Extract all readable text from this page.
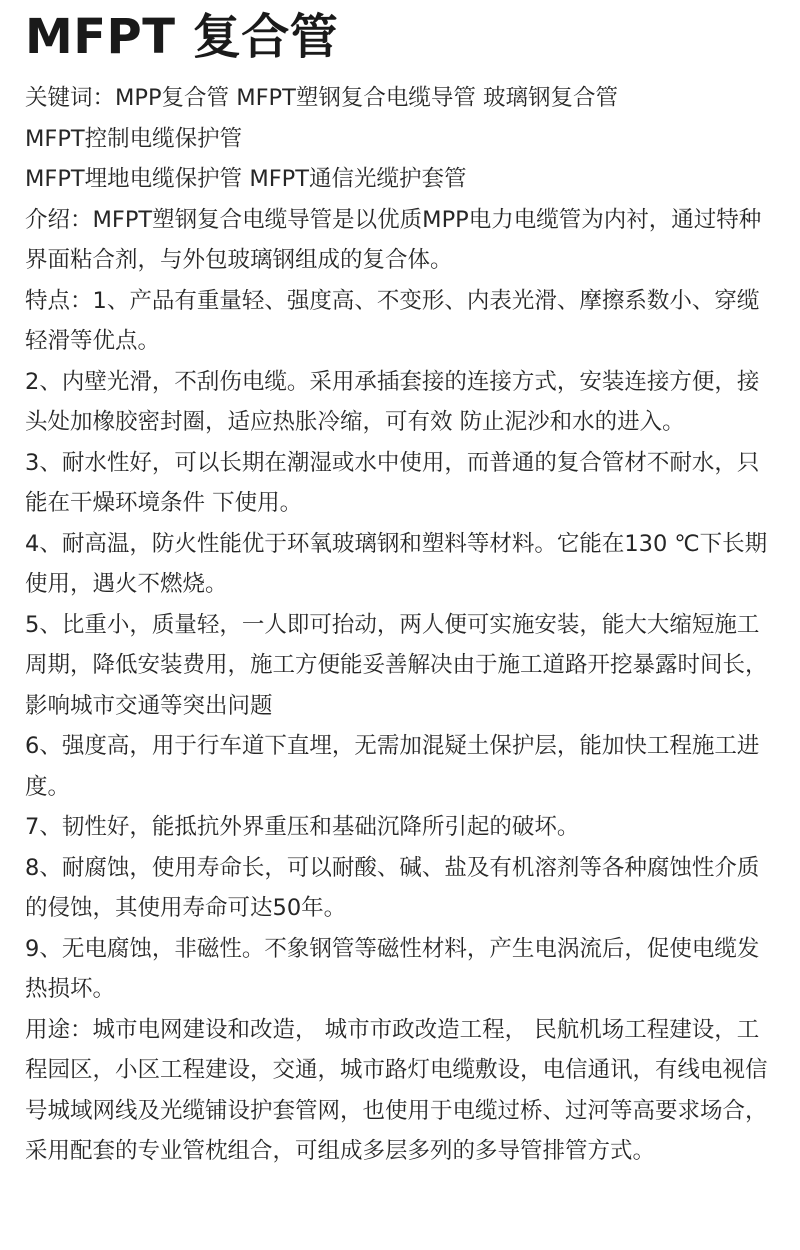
MFPT 复合管

关键词：MPP复合管 MFPT塑钢复合电缆导管 玻璃钢复合管

MFPT控制电缆保护管

MFPT埋地电缆保护管 MFPT通信光缆护套管

介绍：MFPT塑钢复合电缆导管是以优质MPP电力电缆管为内衬，通过特种界面粘合剂，与外包玻璃钢组成的复合体。

特点：1、产品有重量轻、强度高、不变形、内表光滑、摩擦系数小、穿缆轻滑等优点。

2、内壁光滑，不刮伤电缆。采用承插套接的连接方式，安装连接方便，接头处加橡胶密封圈，适应热胀冷缩，可有效 防止泥沙和水的进入。

3、耐水性好，可以长期在潮湿或水中使用，而普通的复合管材不耐水，只能在干燥环境条件 下使用。

4、耐高温，防火性能优于环氧玻璃钢和塑料等材料。它能在130 ℃下长期使用，遇火不燃烧。

5、比重小，质量轻，一人即可抬动，两人便可实施安装，能大大缩短施工周期，降低安装费用，施工方便能妥善解决由于施工道路开挖暴露时间长，影响城市交通等突出问题

6、强度高，用于行车道下直埋，无需加混疑土保护层，能加快工程施工进度。

7、韧性好，能抵抗外界重压和基础沉降所引起的破坏。

8、耐腐蚀，使用寿命长，可以耐酸、碱、盐及有机溶剂等各种腐蚀性介质的侵蚀，其使用寿命可达50年。

9、无电腐蚀，非磁性。不象钢管等磁性材料，产生电涡流后，促使电缆发热损坏。

用途：城市电网建设和改造， 城市市政改造工程， 民航机场工程建设，工程园区，小区工程建设，交通，城市路灯电缆敷设，电信通讯，有线电视信号城域网线及光缆铺设护套管网，也使用于电缆过桥、过河等高要求场合，采用配套的专业管枕组合，可组成多层多列的多导管排管方式。
